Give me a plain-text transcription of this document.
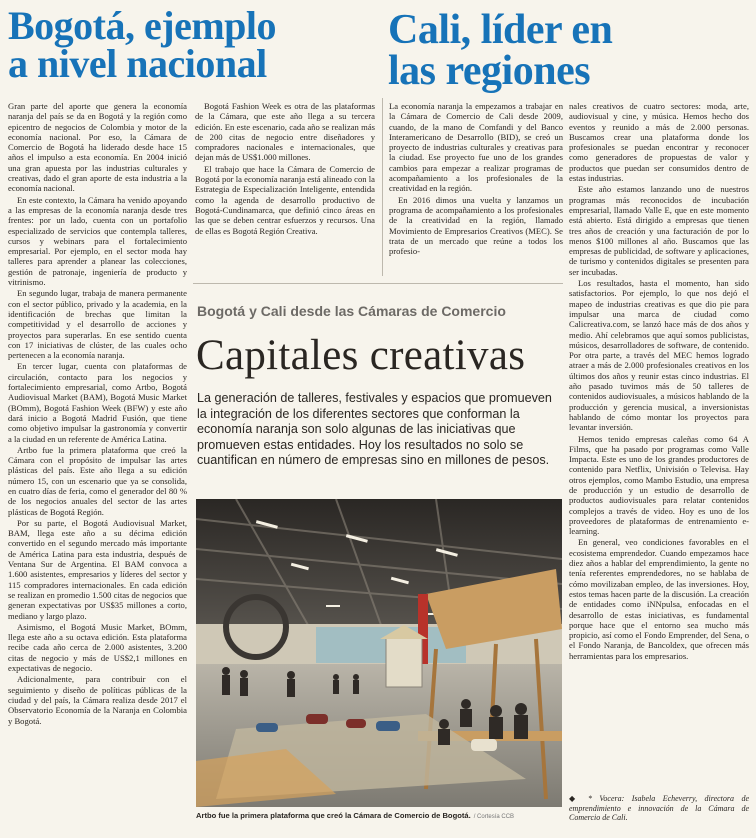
Bogotá, ejemplo
a nivel nacional
Cali, líder en
las regiones

Gran parte del aporte que genera la economía naranja del país se da en Bogotá y la región como epicentro de negocios de Colombia y motor de la economía nacional. Por eso, la Cámara de Comercio de Bogotá ha liderado desde hace 15 años el impulso a esta economía. En 2004 inició una gran apuesta por las industrias culturales y creativas, dado el gran aporte de esta industria a la economía nacional.

En este contexto, la Cámara ha venido apoyando a las empresas de la economía naranja desde tres frentes: por un lado, cuenta con un portafolio especializado de servicios que contempla talleres, cursos y webinars para el fortalecimiento empresarial. Por ejemplo, en el sector moda hay talleres para aprender a planear las colecciones, gestión de patronaje, ingeniería de producto y vitrinismo.

En segundo lugar, trabaja de manera permanente con el sector público, privado y la academia, en la identificación de brechas que limitan la competitividad y el desarrollo de acciones y proyectos para superarlas. En ese sentido cuenta con 17 iniciativas de clúster, de las cuales ocho pertenecen a la economía naranja.

En tercer lugar, cuenta con plataformas de circulación, contacto para los negocios y fortalecimiento empresarial, como Artbo, Bogotá Audiovisual Market (BAM), Bogotá Music Market (BOmm), Bogotá Fashion Week (BFW) y este año dará inicio a Bogotá Madrid Fusión, que tiene como objetivo impulsar la gastronomía y convertir a la ciudad en un referente de América Latina.

Artbo fue la primera plataforma que creó la Cámara con el propósito de impulsar las artes plásticas del país. Este año llega a su edición número 15, con un escenario que ya se consolida, en cuatro días de feria, como el generador del 80 % de los negocios anuales del sector de las artes plásticas de Bogotá Región.

Por su parte, el Bogotá Audiovisual Market, BAM, llega este año a su décima edición convertido en el segundo mercado más importante de América Latina para esta industria, después de Ventana Sur de Argentina. El BAM convoca a 1.600 asistentes, empresarios y líderes del sector y 115 compradores internacionales. En cada edición se realizan en promedio 1.500 citas de negocios que generan expectativas por US$35 millones a corto, mediano y largo plazo.

Asimismo, el Bogotá Music Market, BOmm, llega este año a su octava edición. Esta plataforma recibe cada año cerca de 2.000 asistentes, 3.200 citas de negocio y más de US$2,1 millones en expectativas de negocio.

Adicionalmente, para contribuir con el seguimiento y diseño de políticas públicas de la ciudad y del país, la Cámara realiza desde 2017 el Observatorio Economía de la Naranja en Colombia y Bogotá.

Bogotá Fashion Week es otra de las plataformas de la Cámara, que este año llega a su tercera edición. En este escenario, cada año se realizan más de 200 citas de negocio entre diseñadores y compradores nacionales e internacionales, que dejan más de US$1.000 millones.

El trabajo que hace la Cámara de Comercio de Bogotá por la economía naranja está alineado con la Estrategia de Especialización Inteligente, entendida como la agenda de desarrollo productivo de Bogotá-Cundinamarca, que definió cinco áreas en las que se deben centrar esfuerzos y recursos. Una de ellas es Bogotá Región Creativa.

La economía naranja la empezamos a trabajar en la Cámara de Comercio de Cali desde 2009, cuando, de la mano de Comfandi y del Banco Interamericano de Desarrollo (BID), se creó un proyecto de industrias culturales y creativas para la ciudad. Ese proyecto fue uno de los grandes cambios para empezar a realizar programas de acompañamiento a los profesionales de la creatividad en la región.

En 2016 dimos una vuelta y lanzamos un programa de acompañamiento a los profesionales de la creatividad en la región, llamado Movimiento de Empresarios Creativos (MEC). Se trata de un mercado que reúne a todos los profesio-

nales creativos de cuatro sectores: moda, arte, audiovisual y cine, y música. Hemos hecho dos eventos y reunido a más de 2.000 personas. Buscamos crear una plataforma donde los profesionales se puedan encontrar y reconocer como generadores de propuestas de valor y productos que puedan ser consumidos dentro de estas industrias.

Este año estamos lanzando uno de nuestros programas más reconocidos de incubación empresarial, llamado Valle E, que en este momento está abierto. Está dirigido a empresas que tienen tres años de creación y una facturación de por lo menos $100 millones al año. Buscamos que las empresas de publicidad, de software y aplicaciones, de turismo y contenidos digitales se presenten para ser incubadas.

Los resultados, hasta el momento, han sido satisfactorios. Por ejemplo, lo que nos dejó el mapeo de industrias creativas es que dio pie para impulsar una marca de ciudad como Calicreativa.com, se lanzó hace más de dos años y medio. Ahí celebramos que aquí somos publicistas, músicos, desarrolladores de software, de contenido. Por otra parte, a través del MEC hemos logrado atraer a más de 2.000 profesionales creativos en los últimos dos años y reunir estas cinco industrias. El año pasado tuvimos más de 50 talleres de contenidos audiovisuales, a músicos hablando de la producción y gerencia musical, a inversionistas hablando de cómo montar los proyectos para levantar inversión.

Hemos tenido empresas caleñas como 64 A Films, que ha pasado por programas como Valle Impacta. Este es uno de los grandes productores de contenido para Netflix, Univisión o Televisa. Hay otros ejemplos, como Mambo Estudio, una empresa de producción y un estudio de desarrollo de productos audiovisuales para relatar contenidos complejos a través de video. Hoy es uno de los proveedores de plataformas de entrenamiento e-learning.

En general, veo condiciones favorables en el ecosistema emprendedor. Cuando empezamos hace diez años a hablar del emprendimiento, la gente no tenía referentes emprendedores, no se hablaba de cómo movilizaban empleo, de las inversiones. Hoy, estos temas hacen parte de la discusión. La creación de entidades como iNNpulsa, enfocadas en el desarrollo de estas iniciativas, es fundamental porque hace que el entorno sea mucho más propicio, así como el Fondo Emprender, del Sena, o el Fondo Naranja, de Bancoldex, que ofrecen más herramientas para los empresarios.

◆ * Vocera: Isabela Echeverry, directora de emprendimiento e innovación de la Cámara de Comercio de Cali.
Bogotá y Cali desde las Cámaras de Comercio
Capitales creativas
La generación de talleres, festivales y espacios que promueven la integración de los diferentes sectores que conforman la economía naranja son solo algunas de las iniciativas que promueven estas entidades. Hoy los resultados no solo se cuantifican en número de empresas sino en millones de pesos.
Artbo fue la primera plataforma que creó la Cámara de Comercio de Bogotá. / Cortesía CCB
